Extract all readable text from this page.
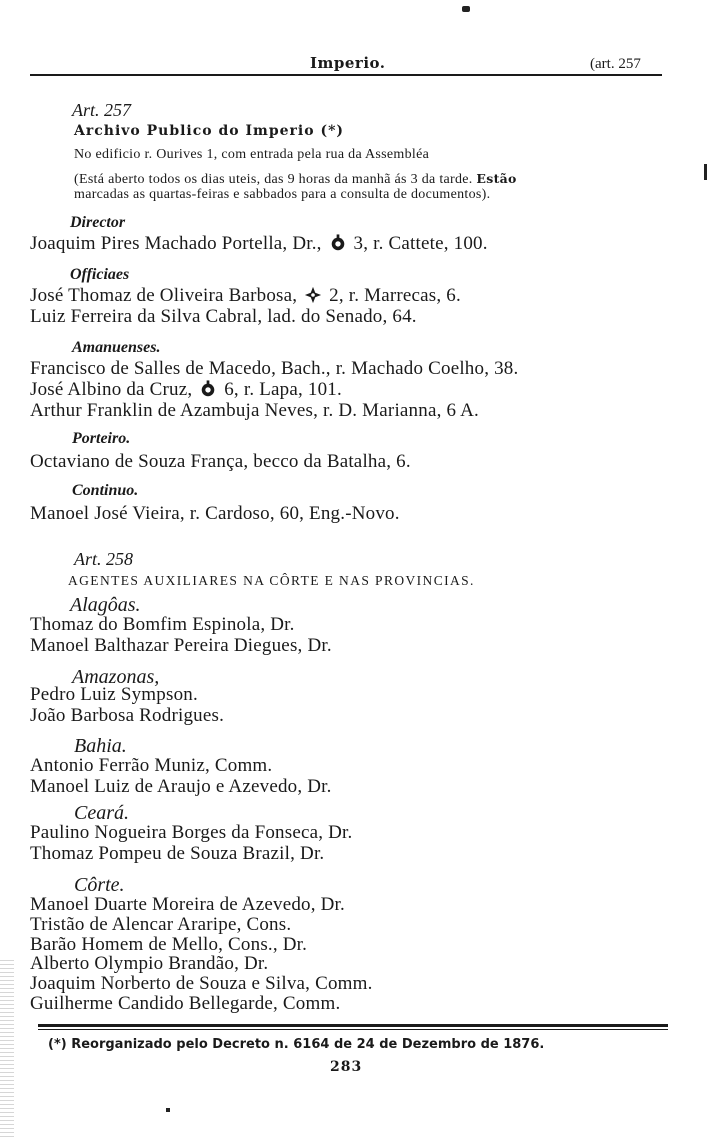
Imperio.	(art. 257
Art. 257
Archivo Publico do Imperio (*)
No edificio r. Ourives 1, com entrada pela rua da Assembléa
(Está aberto todos os dias uteis, das 9 horas da manhã ás 3 da tarde. Estão
marcadas as quartas-feiras e sabbados para a consulta de documentos).
Director
Joaquim Pires Machado Portella, Dr., 3, r. Cattete, 100.
Officiaes
José Thomaz de Oliveira Barbosa, 2, r. Marrecas, 6.
Luiz Ferreira da Silva Cabral, lad. do Senado, 64.
Amanuenses.
Francisco de Salles de Macedo, Bach., r. Machado Coelho, 38.
José Albino da Cruz, 6, r. Lapa, 101.
Arthur Franklin de Azambuja Neves, r. D. Marianna, 6 A.
Porteiro.
Octaviano de Souza França, becco da Batalha, 6.
Continuo.
Manoel José Vieira, r. Cardoso, 60, Eng.-Novo.
Art. 258
AGENTES AUXILIARES NA CÔRTE E NAS PROVINCIAS.
Alagôas.
Thomaz do Bomfim Espinola, Dr.
Manoel Balthazar Pereira Diegues, Dr.
Amazonas,
Pedro Luiz Sympson.
João Barbosa Rodrigues.
Bahia.
Antonio Ferrão Muniz, Comm.
Manoel Luiz de Araujo e Azevedo, Dr.
Ceará.
Paulino Nogueira Borges da Fonseca, Dr.
Thomaz Pompeu de Souza Brazil, Dr.
Côrte.
Manoel Duarte Moreira de Azevedo, Dr.
Tristão de Alencar Araripe, Cons.
Barão Homem de Mello, Cons., Dr.
Alberto Olympio Brandão, Dr.
Joaquim Norberto de Souza e Silva, Comm.
Guilherme Candido Bellegarde, Comm.
(*) Reorganizado pelo Decreto n. 6164 de 24 de Dezembro de 1876.
283
